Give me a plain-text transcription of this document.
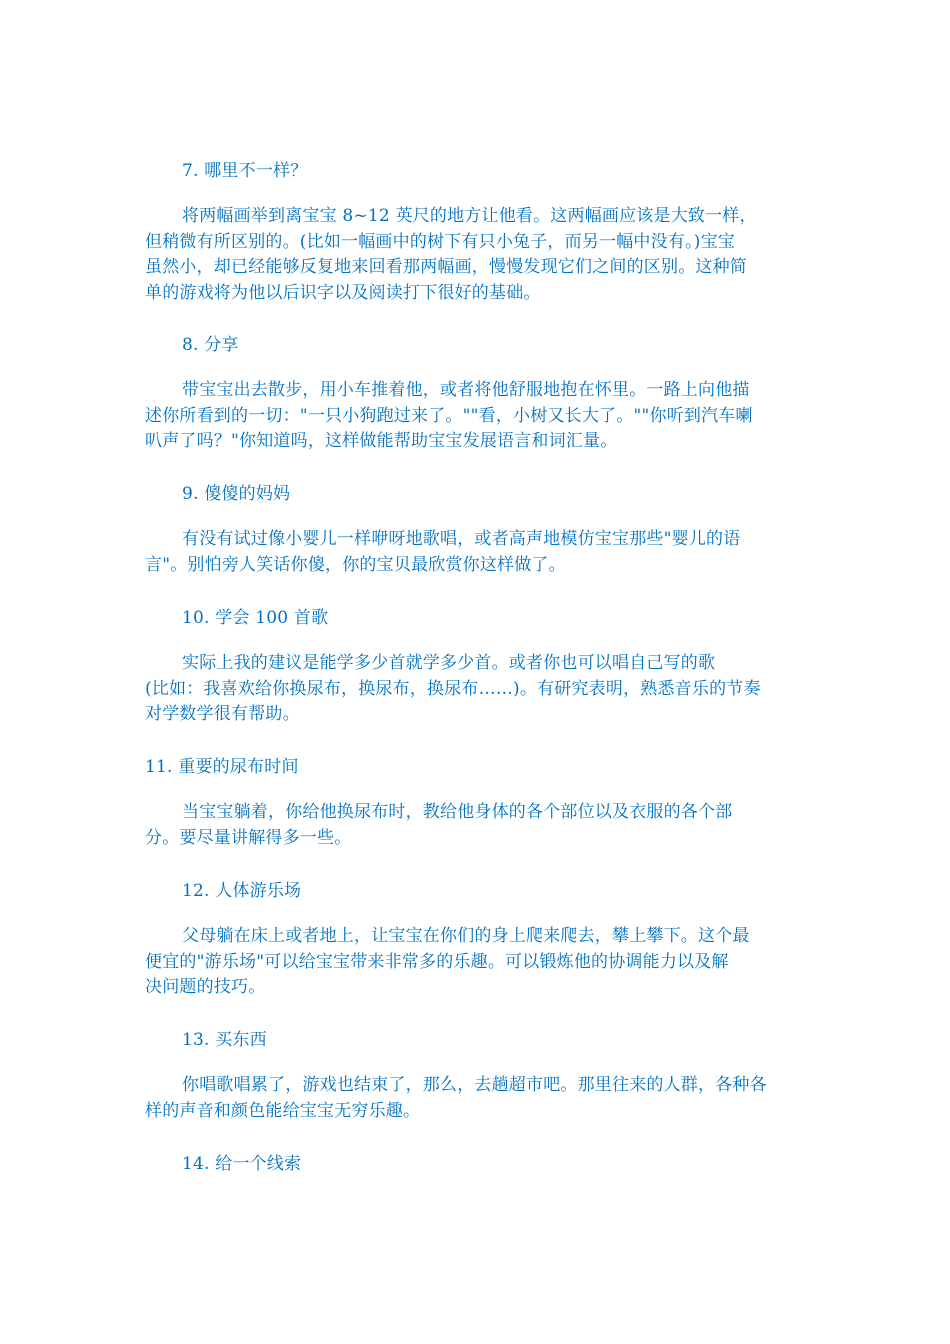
7. 哪里不一样？

将两幅画举到离宝宝 8~12 英尺的地方让他看。这两幅画应该是大致一样，
但稍微有所区别的。(比如一幅画中的树下有只小兔子，而另一幅中没有。)宝宝
虽然小，却已经能够反复地来回看那两幅画，慢慢发现它们之间的区别。这种简
单的游戏将为他以后识字以及阅读打下很好的基础。

8. 分享

带宝宝出去散步，用小车推着他，或者将他舒服地抱在怀里。一路上向他描
述你所看到的一切："一只小狗跑过来了。""看，小树又长大了。""你听到汽车喇
叭声了吗？"你知道吗，这样做能帮助宝宝发展语言和词汇量。

9. 傻傻的妈妈

有没有试过像小婴儿一样咿呀地歌唱，或者高声地模仿宝宝那些"婴儿的语
言"。别怕旁人笑话你傻，你的宝贝最欣赏你这样做了。

10. 学会 100 首歌

实际上我的建议是能学多少首就学多少首。或者你也可以唱自己写的歌
(比如：我喜欢给你换尿布，换尿布，换尿布……)。有研究表明，熟悉音乐的节奏
对学数学很有帮助。

11. 重要的尿布时间

当宝宝躺着，你给他换尿布时，教给他身体的各个部位以及衣服的各个部
分。要尽量讲解得多一些。

12. 人体游乐场

父母躺在床上或者地上，让宝宝在你们的身上爬来爬去，攀上攀下。这个最
便宜的"游乐场"可以给宝宝带来非常多的乐趣。可以锻炼他的协调能力以及解
决问题的技巧。

13. 买东西

你唱歌唱累了，游戏也结束了，那么，去趟超市吧。那里往来的人群，各种各
样的声音和颜色能给宝宝无穷乐趣。

14. 给一个线索
